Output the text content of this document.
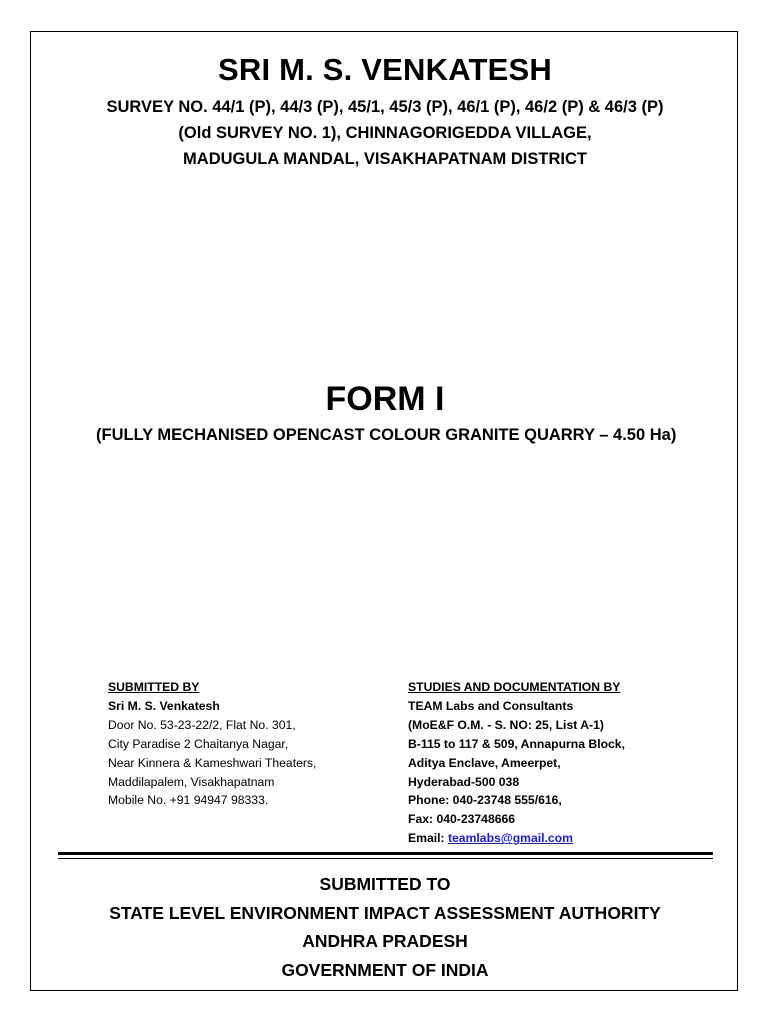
SRI M. S. VENKATESH
SURVEY NO. 44/1 (P), 44/3 (P), 45/1, 45/3 (P), 46/1 (P), 46/2 (P) & 46/3 (P)
(Old SURVEY NO. 1), CHINNAGORIGEDDA VILLAGE,
MADUGULA MANDAL, VISAKHAPATNAM DISTRICT
FORM I
(FULLY MECHANISED OPENCAST COLOUR GRANITE QUARRY – 4.50 Ha)
SUBMITTED BY
Sri M. S. Venkatesh
Door No. 53-23-22/2, Flat No. 301,
City Paradise 2 Chaitanya Nagar,
Near Kinnera & Kameshwari Theaters,
Maddilapalem, Visakhapatnam
Mobile No. +91 94947 98333.
STUDIES AND DOCUMENTATION BY
TEAM Labs and Consultants
(MoE&F O.M. - S. NO: 25, List A-1)
B-115 to 117 & 509, Annapurna Block,
Aditya Enclave, Ameerpet,
Hyderabad-500 038
Phone: 040-23748 555/616,
Fax: 040-23748666
Email: teamlabs@gmail.com
SUBMITTED TO
STATE LEVEL ENVIRONMENT IMPACT ASSESSMENT AUTHORITY
ANDHRA PRADESH
GOVERNMENT OF INDIA
